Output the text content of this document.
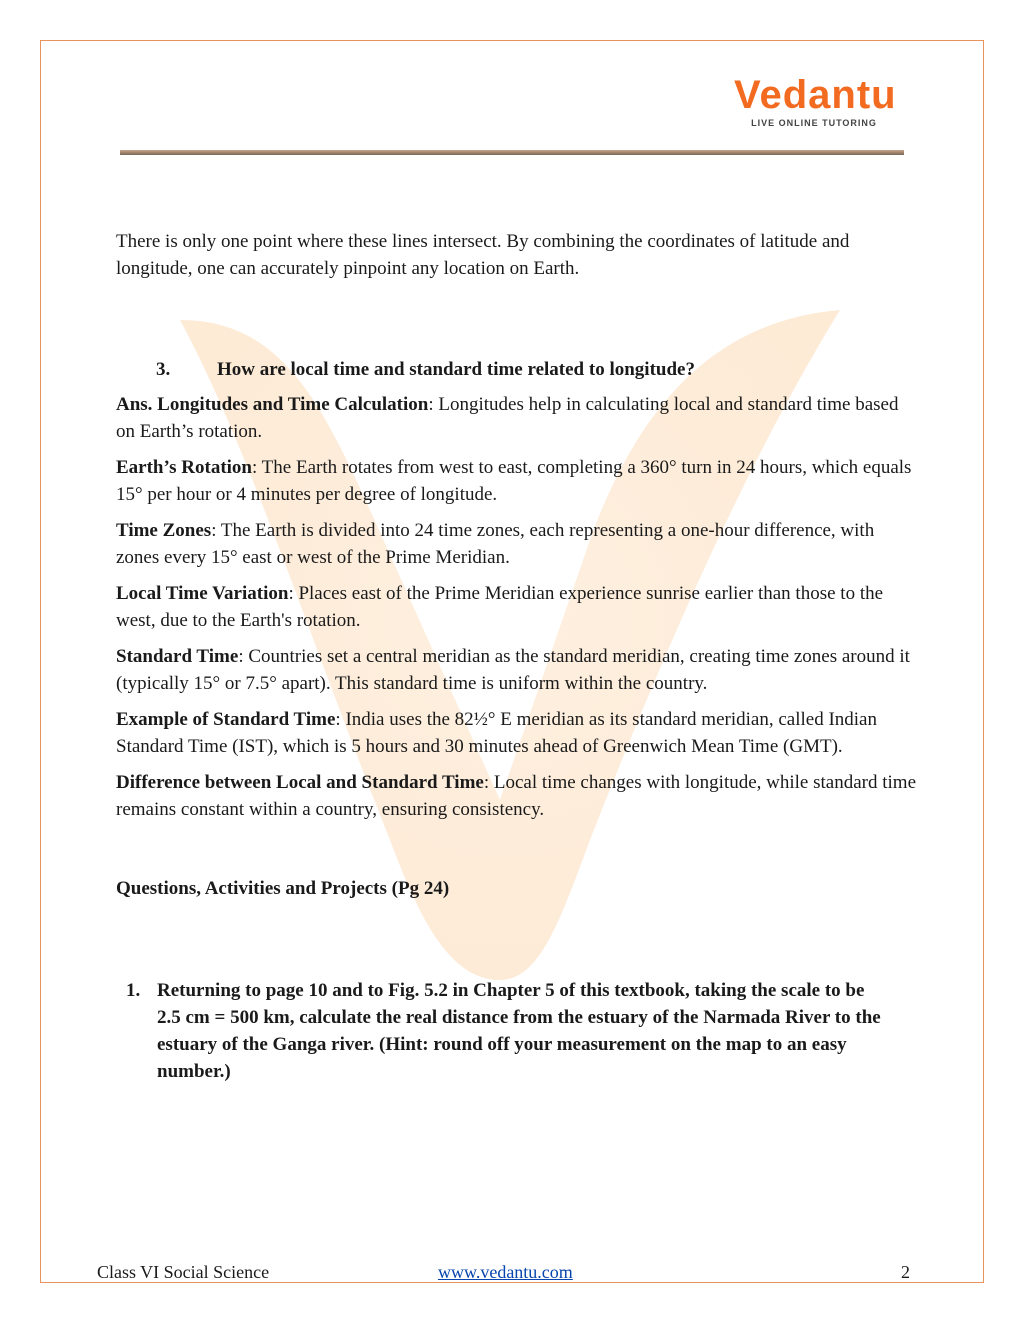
Vedantu
LIVE ONLINE TUTORING

There is only one point where these lines intersect. By combining the coordinates of latitude and longitude, one can accurately pinpoint any location on Earth.

3.	How are local time and standard time related to longitude?

Ans. Longitudes and Time Calculation: Longitudes help in calculating local and standard time based on Earth’s rotation.

Earth’s Rotation: The Earth rotates from west to east, completing a 360° turn in 24 hours, which equals 15° per hour or 4 minutes per degree of longitude.

Time Zones: The Earth is divided into 24 time zones, each representing a one-hour difference, with zones every 15° east or west of the Prime Meridian.

Local Time Variation: Places east of the Prime Meridian experience sunrise earlier than those to the west, due to the Earth's rotation.

Standard Time: Countries set a central meridian as the standard meridian, creating time zones around it (typically 15° or 7.5° apart). This standard time is uniform within the country.

Example of Standard Time: India uses the 82½° E meridian as its standard meridian, called Indian Standard Time (IST), which is 5 hours and 30 minutes ahead of Greenwich Mean Time (GMT).

Difference between Local and Standard Time: Local time changes with longitude, while standard time remains constant within a country, ensuring consistency.

Questions, Activities and Projects (Pg 24)
1. Returning to page 10 and to Fig. 5.2 in Chapter 5 of this textbook, taking the scale to be 2.5 cm = 500 km, calculate the real distance from the estuary of the Narmada River to the estuary of the Ganga river. (Hint: round off your measurement on the map to an easy number.)
Class VI Social Science	www.vedantu.com	2
